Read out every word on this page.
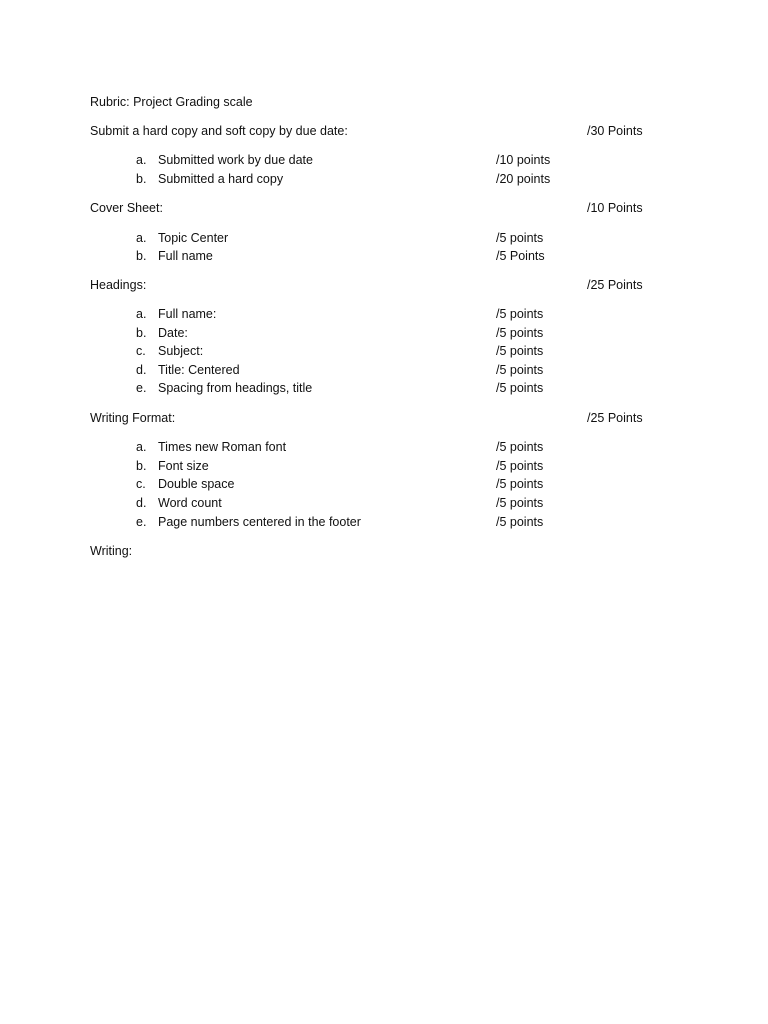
Rubric: Project Grading scale
Submit a hard copy and soft copy by due date:	/30 Points
a. Submitted work by due date	/10 points
b. Submitted a hard copy	/20 points
Cover Sheet:	/10 Points
a. Topic Center	/5 points
b. Full name	/5 Points
Headings:	/25 Points
a. Full name:	/5 points
b. Date:	/5 points
c. Subject:	/5 points
d. Title: Centered	/5 points
e. Spacing from headings, title	/5 points
Writing Format:	/25 Points
a. Times new Roman font	/5 points
b. Font size	/5 points
c. Double space	/5 points
d. Word count	/5 points
e. Page numbers centered in the footer	/5 points
Writing:
